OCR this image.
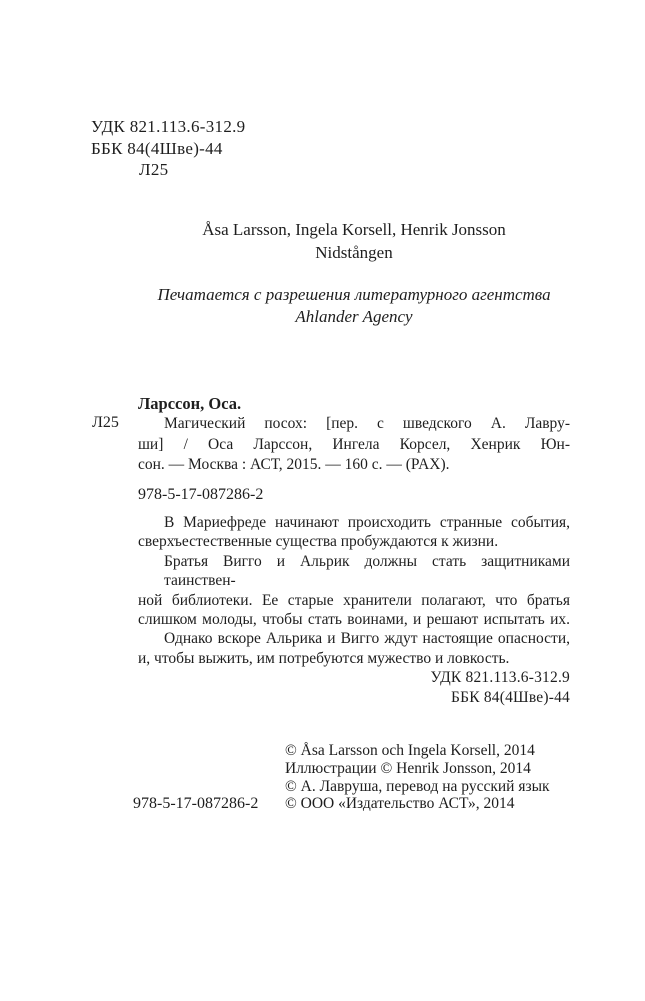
УДК 821.113.6-312.9
ББК 84(4Шве)-44
Л25
Åsa Larsson, Ingela Korsell, Henrik Jonsson
Nidstången
Печатается с разрешения литературного агентства
Ahlander Agency
Л25
Ларссон, Оса.
Магический посох: [пер. с шведского А. Лавру-
ши] / Оса Ларссон, Ингела Корсел, Хенрик Юн-
сон. — Москва : АСТ, 2015. — 160 с. — (PAX).
978-5-17-087286-2
В Мариефреде начинают происходить странные события,
сверхъестественные существа пробуждаются к жизни.
Братья Вигго и Альрик должны стать защитниками таинствен-
ной библиотеки. Ее старые хранители полагают, что братья
слишком молоды, чтобы стать воинами, и решают испытать их.
Однако вскоре Альрика и Вигго ждут настоящие опасности,
и, чтобы выжить, им потребуются мужество и ловкость.
УДК 821.113.6-312.9
ББК 84(4Шве)-44
© Åsa Larsson och Ingela Korsell, 2014
Иллюстрации © Henrik Jonsson, 2014
© А. Лавруша, перевод на русский язык
© ООО «Издательство АСТ», 2014
978-5-17-087286-2
